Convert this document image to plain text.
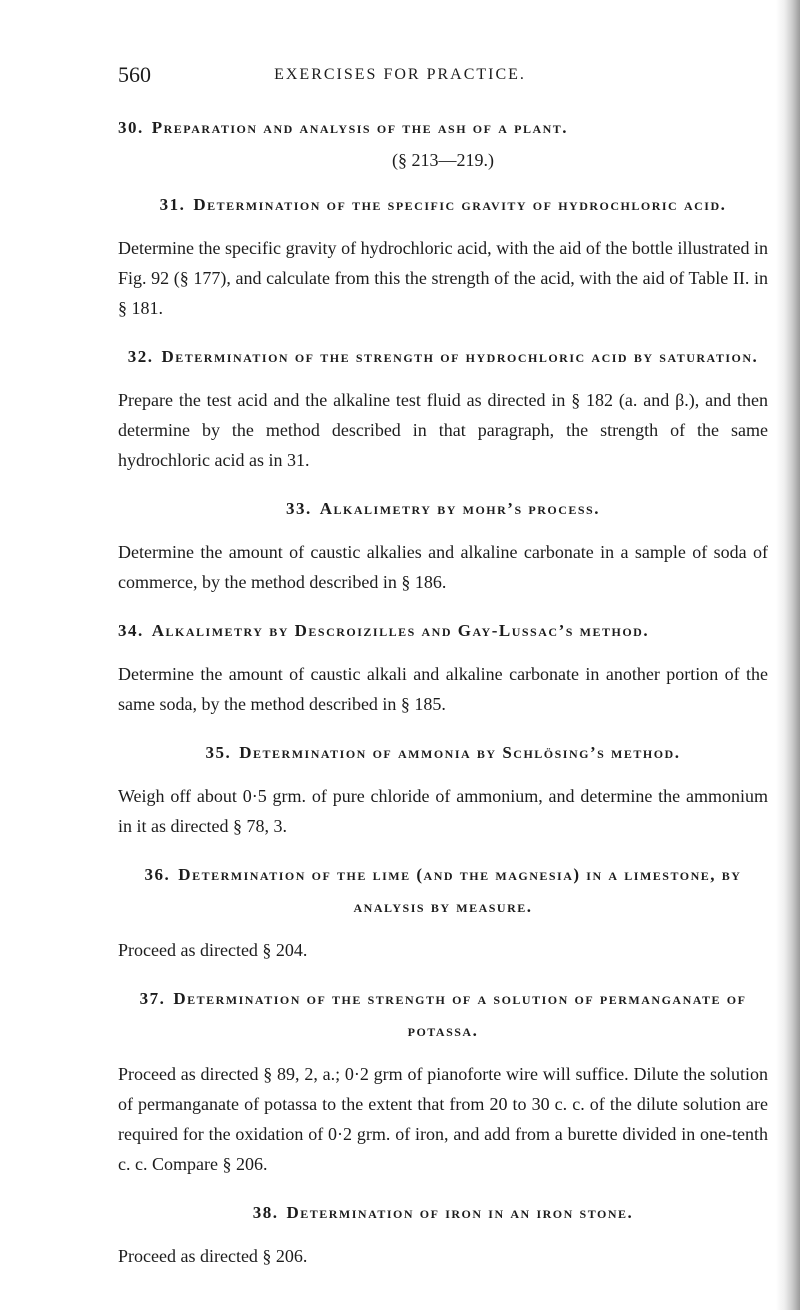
560	EXERCISES FOR PRACTICE.
30. Preparation and analysis of the ash of a plant.
(§ 213—219.)
31. Determination of the specific gravity of hydrochloric acid.

Determine the specific gravity of hydrochloric acid, with the aid of the bottle illustrated in Fig. 92 (§ 177), and calculate from this the strength of the acid, with the aid of Table II. in § 181.

32. Determination of the strength of hydrochloric acid by saturation.

Prepare the test acid and the alkaline test fluid as directed in § 182 (a. and β.), and then determine by the method described in that paragraph, the strength of the same hydrochloric acid as in 31.

33. Alkalimetry by mohr’s process.

Determine the amount of caustic alkalies and alkaline carbonate in a sample of soda of commerce, by the method described in § 186.

34. Alkalimetry by Descroizilles and Gay-Lussac’s method.

Determine the amount of caustic alkali and alkaline carbonate in another portion of the same soda, by the method described in § 185.

35. Determination of ammonia by Schlösing’s method.

Weigh off about 0·5 grm. of pure chloride of ammonium, and determine the ammonium in it as directed § 78, 3.

36. Determination of the lime (and the magnesia) in a limestone, by analysis by measure.

Proceed as directed § 204.

37. Determination of the strength of a solution of permanganate of potassa.

Proceed as directed § 89, 2, a.; 0·2 grm of pianoforte wire will suffice. Dilute the solution of permanganate of potassa to the extent that from 20 to 30 c. c. of the dilute solution are required for the oxidation of 0·2 grm. of iron, and add from a burette divided in one-tenth c. c. Compare § 206.

38. Determination of iron in an iron stone.

Proceed as directed § 206.
